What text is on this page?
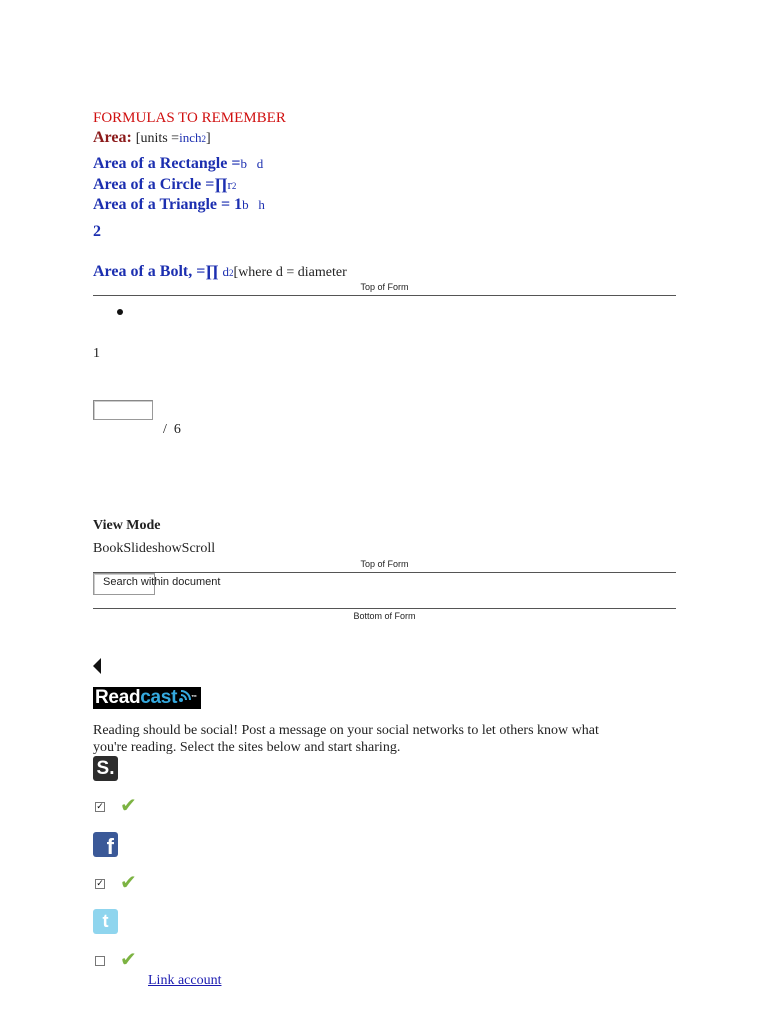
FORMULAS TO REMEMBER
Area: [units =inch2]
Area of a Rectangle =b   d
Area of a Circle =∏r2
Area of a Triangle = 1b   h
2
Area of a Bolt, =∏ d2[where d = diameter
Top of Form
1
/  6
View Mode
BookSlideshowScroll
Top of Form
Search within document
Bottom of Form
Readcast ™
Reading should be social! Post a message on your social networks to let others know what
you're reading. Select the sites below and start sharing.
S.
✓ ✔
f
✓ ✔
t
✔
Link account
